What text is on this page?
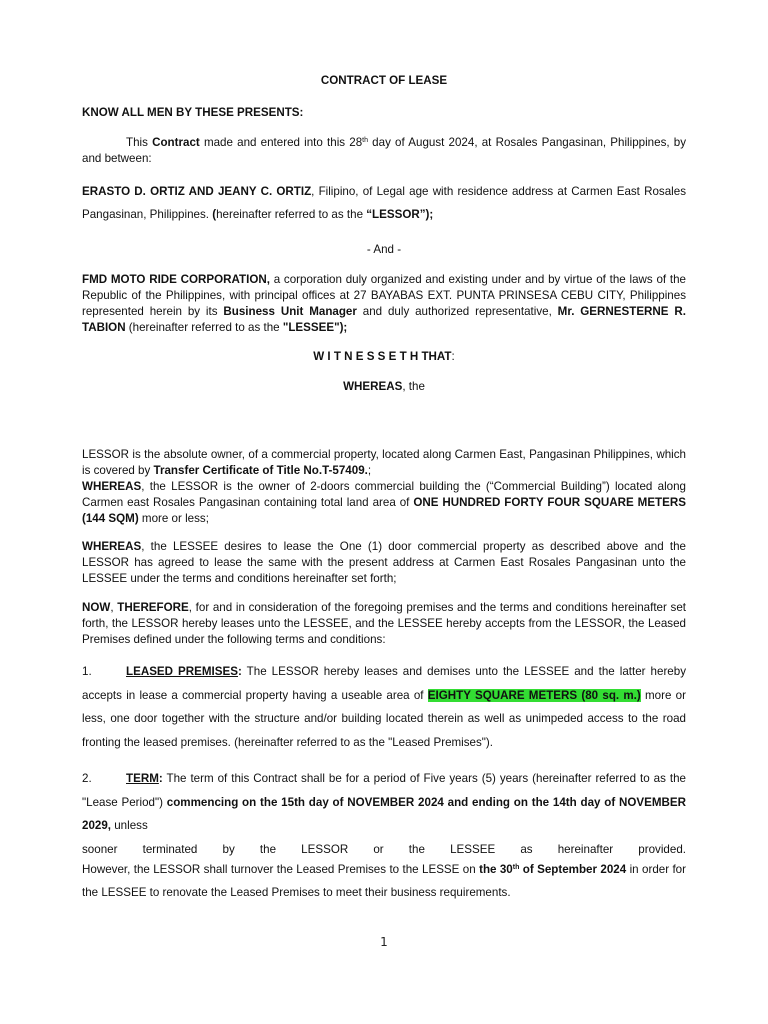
CONTRACT OF LEASE
KNOW ALL MEN BY THESE PRESENTS:
This Contract made and entered into this 28th day of August 2024, at Rosales Pangasinan, Philippines, by and between:
ERASTO D. ORTIZ AND JEANY C. ORTIZ, Filipino, of Legal age with residence address at Carmen East Rosales Pangasinan, Philippines. (hereinafter referred to as the “LESSOR”);
- And -
FMD MOTO RIDE CORPORATION, a corporation duly organized and existing under and by virtue of the laws of the Republic of the Philippines, with principal offices at 27 BAYABAS EXT. PUNTA PRINSESA CEBU CITY, Philippines represented herein by its Business Unit Manager and duly authorized representative, Mr. GERNESTERNE R. TABION (hereinafter referred to as the "LESSEE");
W I T N E S S E T H THAT:
WHEREAS, the
LESSOR is the absolute owner, of a commercial property, located along Carmen East, Pangasinan Philippines, which is covered by Transfer Certificate of Title No.T-57409.;
WHEREAS, the LESSOR is the owner of 2-doors commercial building the (“Commercial Building”) located along Carmen east Rosales Pangasinan containing total land area of ONE HUNDRED FORTY FOUR SQUARE METERS (144 SQM) more or less;
WHEREAS, the LESSEE desires to lease the One (1) door commercial property as described above and the LESSOR has agreed to lease the same with the present address at Carmen East Rosales Pangasinan unto the LESSEE under the terms and conditions hereinafter set forth;
NOW, THEREFORE, for and in consideration of the foregoing premises and the terms and conditions hereinafter set forth, the LESSOR hereby leases unto the LESSEE, and the LESSEE hereby accepts from the LESSOR, the Leased Premises defined under the following terms and conditions:
1.	LEASED PREMISES: The LESSOR hereby leases and demises unto the LESSEE and the latter hereby accepts in lease a commercial property having a useable area of EIGHTY SQUARE METERS (80 sq. m.) more or less, one door together with the structure and/or building located therein as well as unimpeded access to the road fronting the leased premises. (hereinafter referred to as the "Leased Premises").
2.	TERM: The term of this Contract shall be for a period of Five years (5) years (hereinafter referred to as the "Lease Period") commencing on the 15th day of NOVEMBER 2024 and ending on the 14th day of NOVEMBER 2029, unless
sooner terminated by the LESSOR or the LESSEE as hereinafter provided.
However, the LESSOR shall turnover the Leased Premises to the LESSE on the 30th of September 2024 in order for the LESSEE to renovate the Leased Premises to meet their business requirements.
1
